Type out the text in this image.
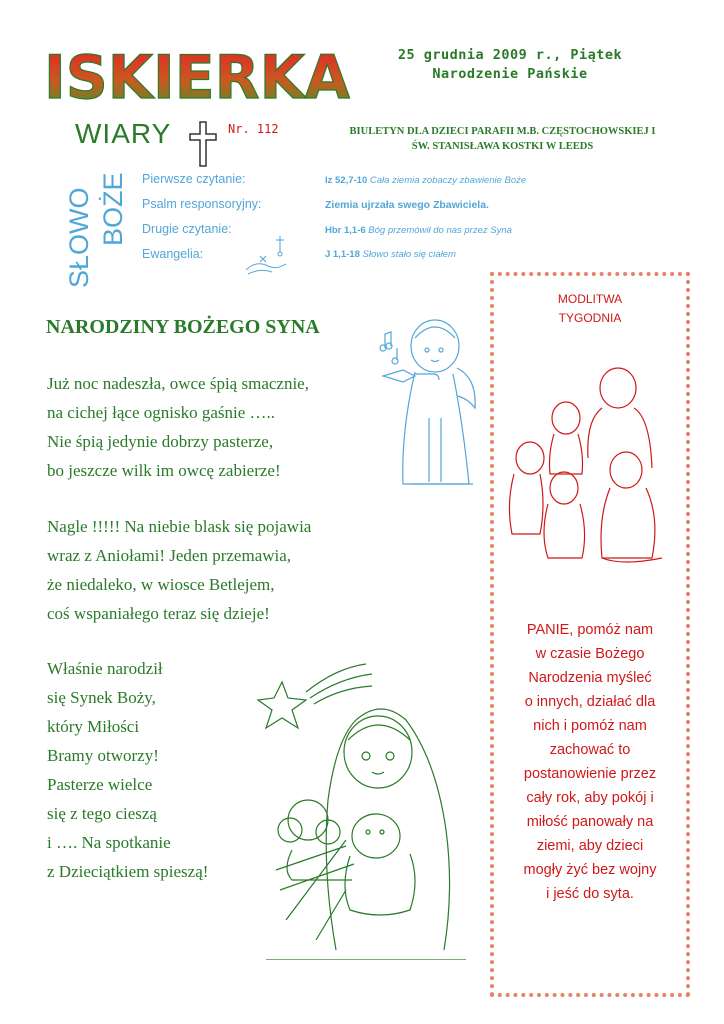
ISKIERKA
WIARY	Nr. 112
25 grudnia 2009 r., Piątek
Narodzenie Pańskie
BIULETYN DLA DZIECI PARAFII M.B. CZĘSTOCHOWSKIEJ I
ŚW. STANISŁAWA KOSTKI W LEEDS
SŁOWO BOŻE Pierwsze czytanie:	Iz 52,7-10 Cała ziemia zobaczy zbawienie Boże
Psalm responsoryjny:	Ziemia ujrzała swego Zbawiciela.
Drugie czytanie:	Hbr 1,1-6 Bóg przemówił do nas przez Syna
Ewangelia:	J 1,1-18 Słowo stało się ciałem
NARODZINY BOŻEGO SYNA
Już noc nadeszła, owce śpią smacznie,
na cichej łące ognisko gaśnie …..
Nie śpią jedynie dobrzy pasterze,
bo jeszcze wilk im owcę zabierze!
Nagle !!!!! Na niebie blask się pojawia
wraz z Aniołami! Jeden przemawia,
że niedaleko, w wiosce Betlejem,
coś wspaniałego teraz się dzieje!
Właśnie narodził
się Synek Boży,
który Miłości
Bramy otworzy!
Pasterze wielce
się z tego cieszą
i …. Na spotkanie
z Dzieciątkiem spieszą!
MODLITWA
TYGODNIA
PANIE, pomóż nam
w czasie Bożego
Narodzenia myśleć
o innych, działać dla
nich i pomóż nam
zachować to
postanowienie przez
cały rok, aby pokój i
miłość panowały na
ziemi, aby dzieci
mogły żyć bez wojny
i jeść do syta.
